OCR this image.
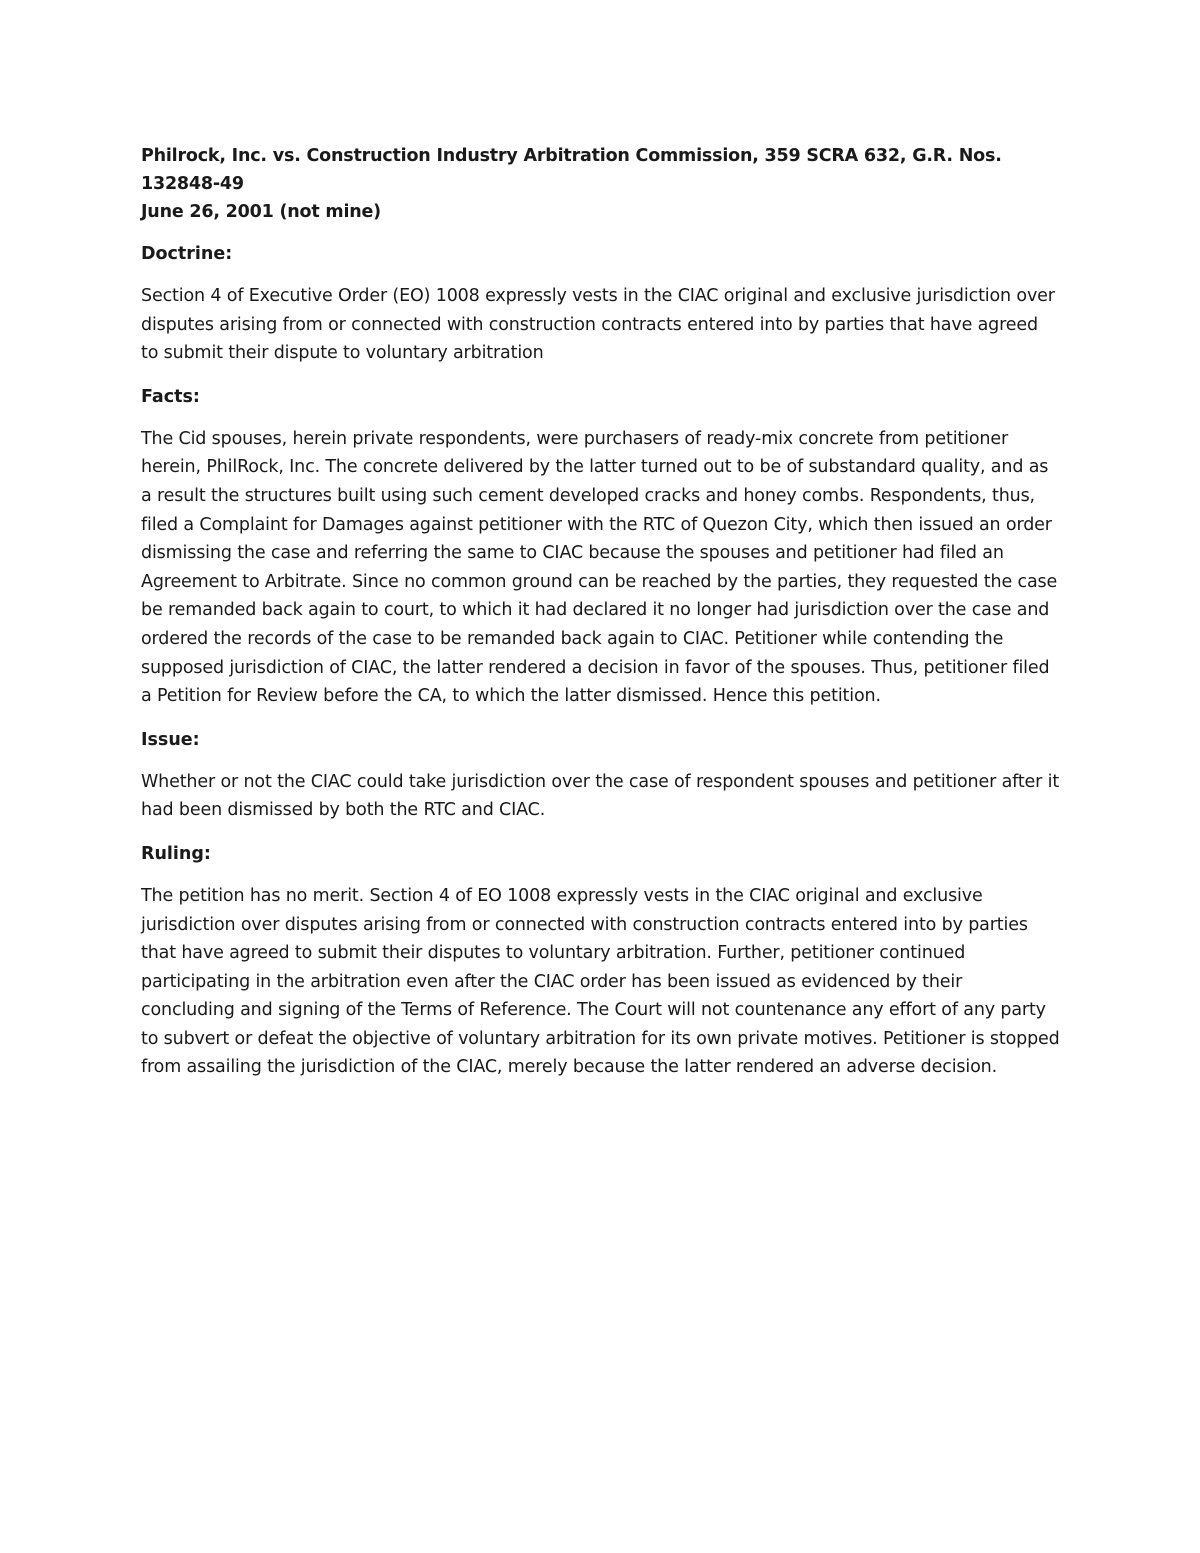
Philrock, Inc. vs. Construction Industry Arbitration Commission, 359 SCRA 632, G.R. Nos. 132848-49
June 26, 2001 (not mine)
Doctrine:

Section 4 of Executive Order (EO) 1008 expressly vests in the CIAC original and exclusive jurisdiction over disputes arising from or connected with construction contracts entered into by parties that have agreed to submit their dispute to voluntary arbitration

Facts:

The Cid spouses, herein private respondents, were purchasers of ready-mix concrete from petitioner herein, PhilRock, Inc. The concrete delivered by the latter turned out to be of substandard quality, and as a result the structures built using such cement developed cracks and honey combs. Respondents, thus, filed a Complaint for Damages against petitioner with the RTC of Quezon City, which then issued an order dismissing the case and referring the same to CIAC because the spouses and petitioner had filed an Agreement to Arbitrate. Since no common ground can be reached by the parties, they requested the case be remanded back again to court, to which it had declared it no longer had jurisdiction over the case and ordered the records of the case to be remanded back again to CIAC. Petitioner while contending the supposed jurisdiction of CIAC, the latter rendered a decision in favor of the spouses. Thus, petitioner filed a Petition for Review before the CA, to which the latter dismissed. Hence this petition.

Issue:

Whether or not the CIAC could take jurisdiction over the case of respondent spouses and petitioner after it had been dismissed by both the RTC and CIAC.

Ruling:

The petition has no merit. Section 4 of EO 1008 expressly vests in the CIAC original and exclusive jurisdiction over disputes arising from or connected with construction contracts entered into by parties that have agreed to submit their disputes to voluntary arbitration. Further, petitioner continued participating in the arbitration even after the CIAC order has been issued as evidenced by their concluding and signing of the Terms of Reference. The Court will not countenance any effort of any party to subvert or defeat the objective of voluntary arbitration for its own private motives. Petitioner is stopped from assailing the jurisdiction of the CIAC, merely because the latter rendered an adverse decision.
